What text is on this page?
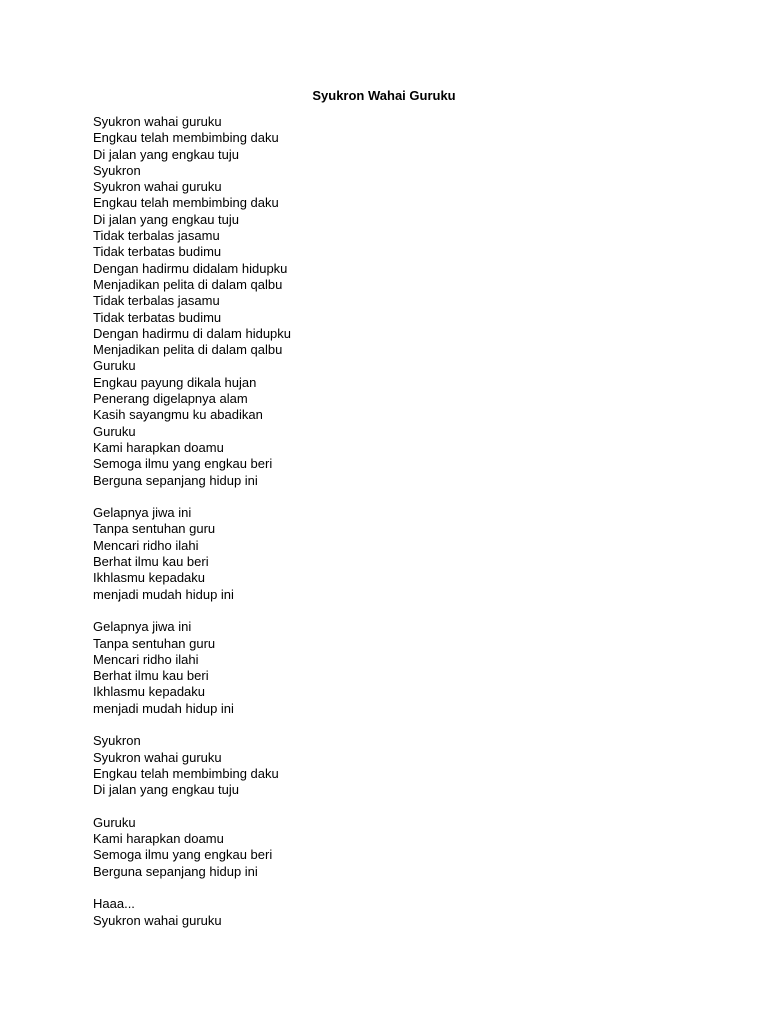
Syukron Wahai Guruku
Syukron wahai guruku
Engkau telah membimbing daku
Di jalan yang engkau tuju
Syukron
Syukron wahai guruku
Engkau telah membimbing daku
Di jalan yang engkau tuju
Tidak terbalas jasamu
Tidak terbatas budimu
Dengan hadirmu didalam hidupku
Menjadikan pelita di dalam qalbu
Tidak terbalas jasamu
Tidak terbatas budimu
Dengan hadirmu di dalam hidupku
Menjadikan pelita di dalam qalbu
Guruku
Engkau payung dikala hujan
Penerang digelapnya alam
Kasih sayangmu ku abadikan
Guruku
Kami harapkan doamu
Semoga ilmu yang engkau beri
Berguna sepanjang hidup ini
Gelapnya jiwa ini
Tanpa sentuhan guru
Mencari ridho ilahi
Berhat ilmu kau beri
Ikhlasmu kepadaku
menjadi mudah hidup ini
Gelapnya jiwa ini
Tanpa sentuhan guru
Mencari ridho ilahi
Berhat ilmu kau beri
Ikhlasmu kepadaku
menjadi mudah hidup ini
Syukron
Syukron wahai guruku
Engkau telah membimbing daku
Di jalan yang engkau tuju
Guruku
Kami harapkan doamu
Semoga ilmu yang engkau beri
Berguna sepanjang hidup ini
Haaa...
Syukron wahai guruku
